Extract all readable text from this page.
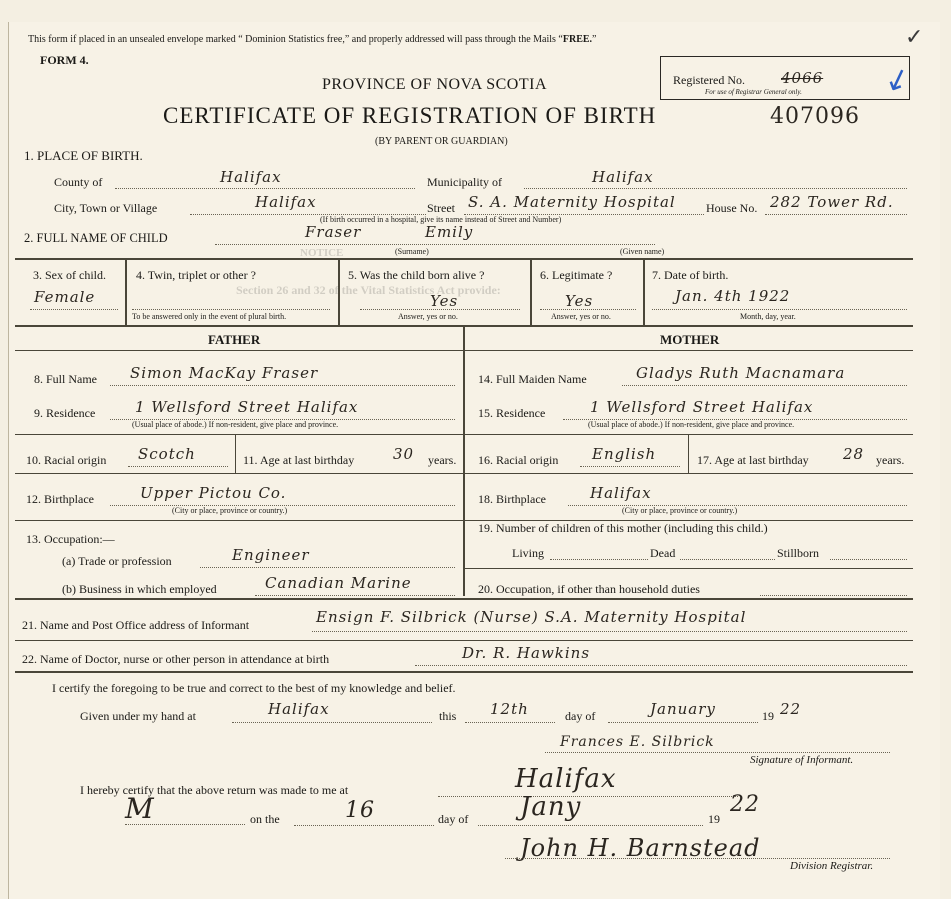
This form if placed in an unsealed envelope marked “ Dominion Statistics free,” and properly addressed will pass through the Mails “FREE.”
FORM 4.
PROVINCE OF NOVA SCOTIA
CERTIFICATE OF REGISTRATION OF BIRTH	407096
(BY PARENT OR GUARDIAN)
Registered No. 4066
For use of Registrar General only.	↙
✓
1. PLACE OF BIRTH.
County of	Halifax	Municipality of	Halifax
City, Town or Village	Halifax	Street S. A. Maternity Hospital	House No. 282 Tower Rd.
(If birth occurred in a hospital, give its name instead of Street and Number)
2. FULL NAME OF CHILD	Fraser	Emily
(Surname)	(Given name)
3. Sex of child.
Female
4. Twin, triplet or other ?
To be answered only in the event of plural birth.
5. Was the child born alive ?
Yes
Answer, yes or no.
6. Legitimate ?
Yes
Answer, yes or no.
7. Date of birth.
Jan. 4th 1922
Month, day, year.
FATHER	MOTHER
8. Full Name Simon MacKay Fraser
9. Residence	1 Wellsford Street Halifax
(Usual place of abode.) If non-resident, give place and province.
10. Racial origin Scotch	11. Age at last birthday	30 years.
12. Birthplace	Upper Pictou Co.
(City or place, province or country.)
13. Occupation:—
(a) Trade or profession	Engineer
(b) Business in which employed	Canadian Marine
14. Full Maiden Name	Gladys Ruth Macnamara
15. Residence	1 Wellsford Street Halifax
(Usual place of abode.) If non-resident, give place and province.
16. Racial origin English	17. Age at last birthday 28 years.
18. Birthplace	Halifax
(City or place, province or country.)
19. Number of children of this mother (including this child.)
Living	Dead	Stillborn
20. Occupation, if other than household duties
21. Name and Post Office address of Informant	Ensign F. Silbrick (Nurse) S.A. Maternity Hospital
22. Name of Doctor, nurse or other person in attendance at birth	Dr. R. Hawkins
I certify the foregoing to be true and correct to the best of my knowledge and belief.
Given under my hand at	Halifax	this 12th	day of	January	19 22
Frances E. Silbrick
Signature of Informant.
I hereby certify that the above return was made to me at	Halifax
M	on the	16	day of Jany	19
22
John H. Barnstead
Division Registrar.
NOTICE
Section 26 and 32 of the Vital Statistics Act provide:
